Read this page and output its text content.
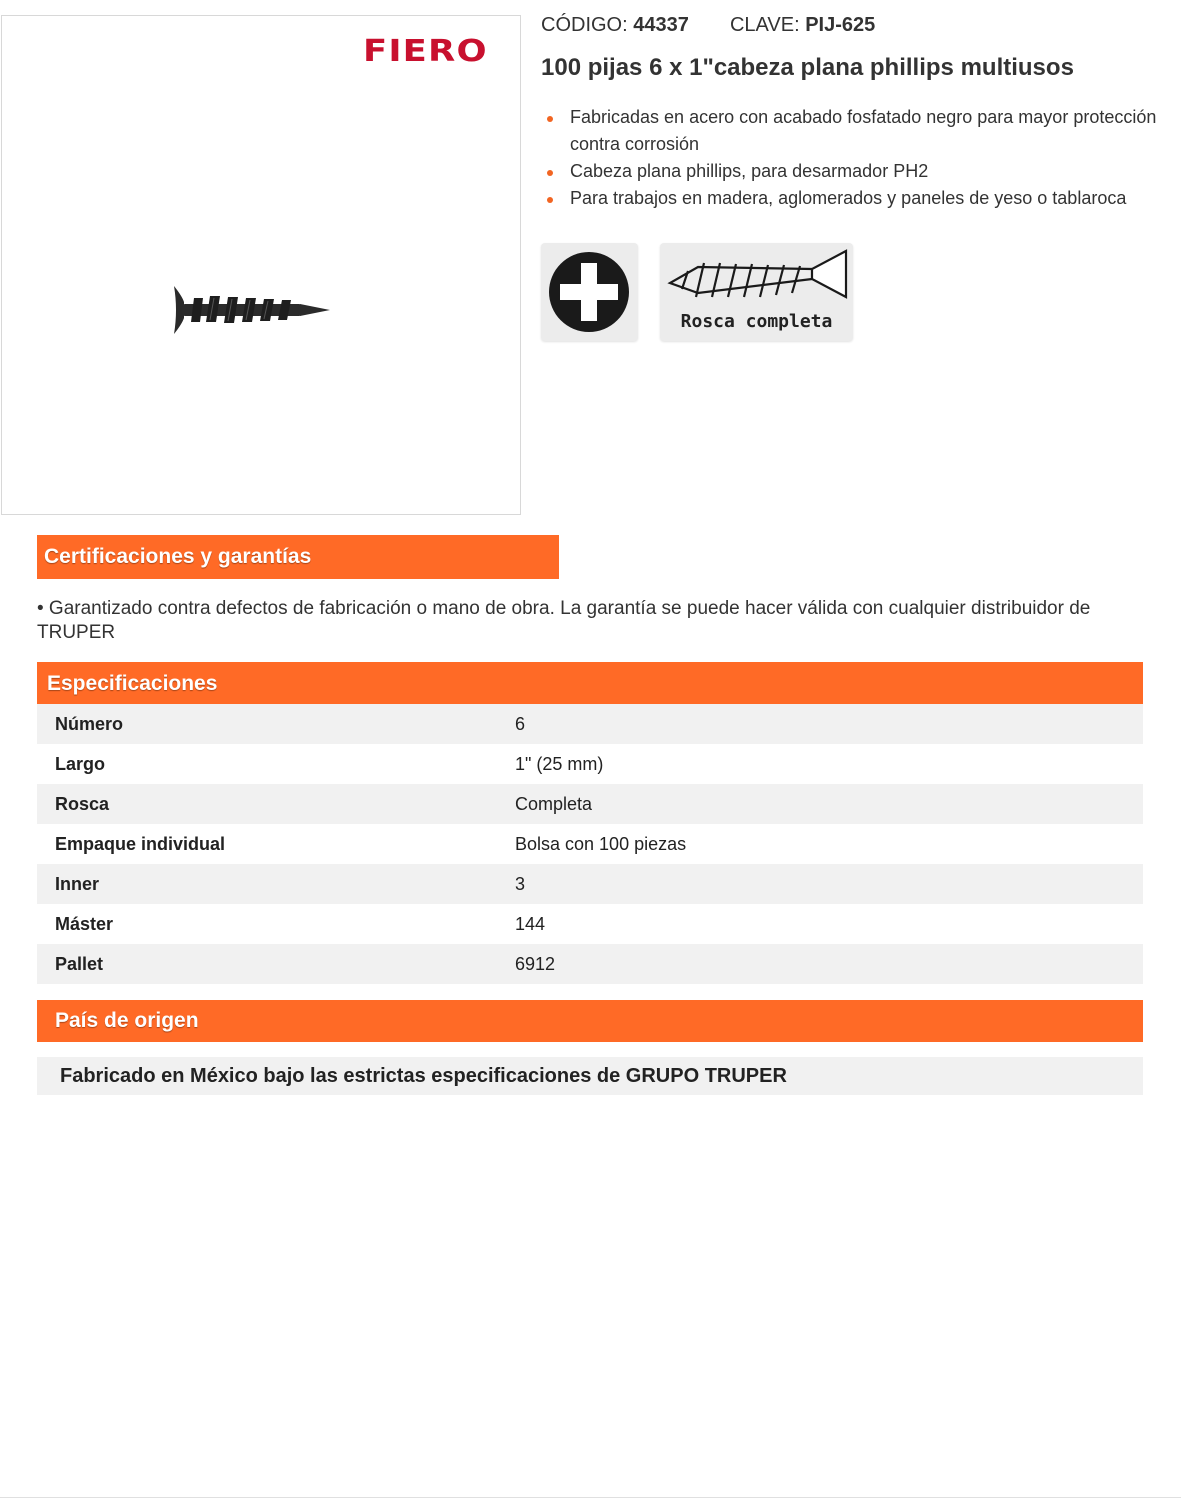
FIERO
CÓDIGO: 44337 CLAVE: PIJ-625
100 pijas 6 x 1"cabeza plana phillips multiusos
Fabricadas en acero con acabado fosfatado negro para mayor protección contra corrosión
Cabeza plana phillips, para desarmador PH2
Para trabajos en madera, aglomerados y paneles de yeso o tablaroca
Rosca completa
Certificaciones y garantías
• Garantizado contra defectos de fabricación o mano de obra. La garantía se puede hacer válida con cualquier distribuidor de TRUPER
Especificaciones
Número	6
Largo	1" (25 mm)
Rosca	Completa
Empaque individual	Bolsa con 100 piezas
Inner	3
Máster	144
Pallet	6912
País de origen
Fabricado en México bajo las estrictas especificaciones de GRUPO TRUPER
